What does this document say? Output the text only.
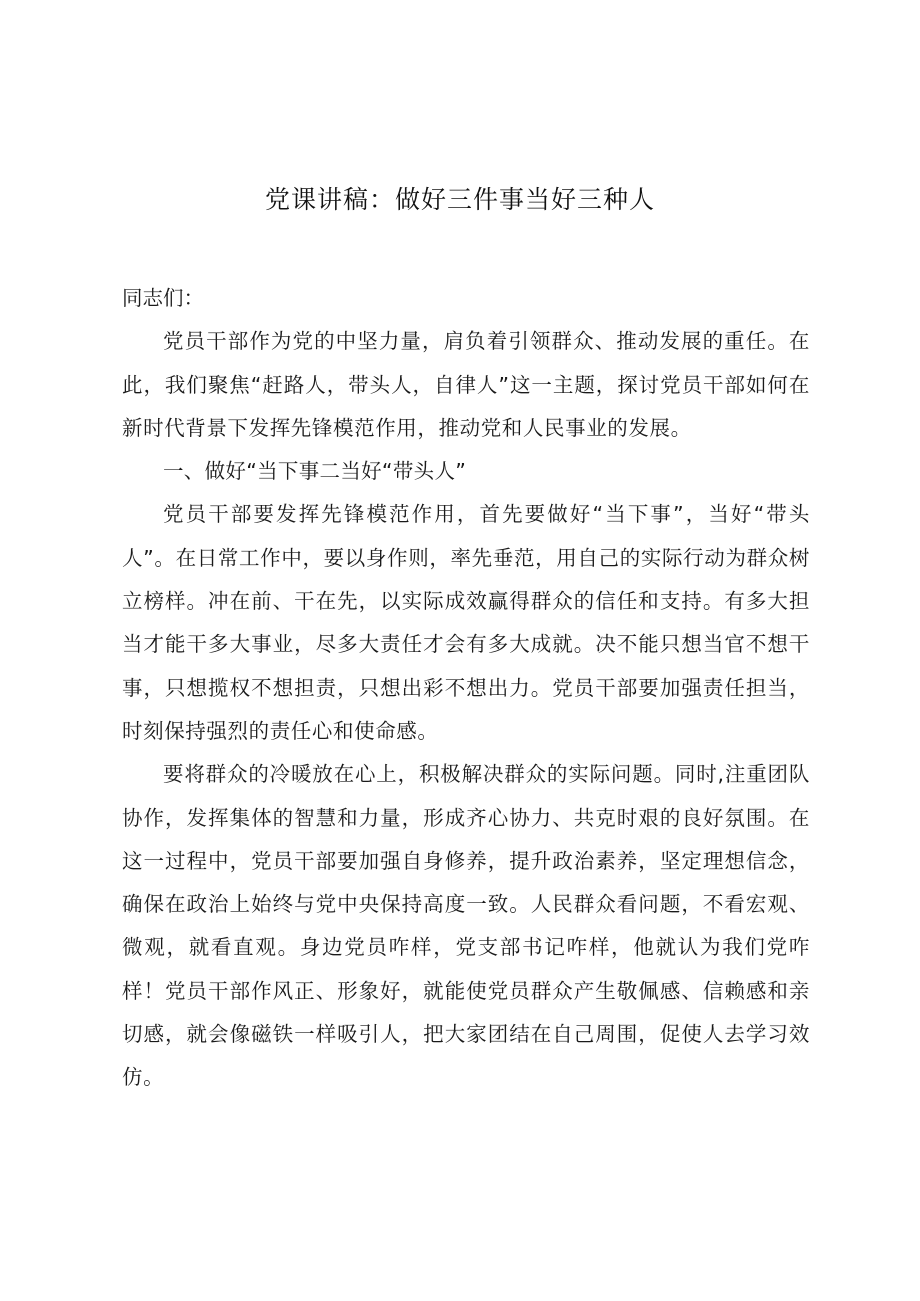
党课讲稿：做好三件事当好三种人

同志们：

党员干部作为党的中坚力量，肩负着引领群众、推动发展的重任。在此，我们聚焦“赶路人，带头人，自律人”这一主题，探讨党员干部如何在新时代背景下发挥先锋模范作用，推动党和人民事业的发展。

一、做好“当下事二当好“带头人”

党员干部要发挥先锋模范作用，首先要做好“当下事”，当好“带头人”。在日常工作中，要以身作则，率先垂范，用自己的实际行动为群众树立榜样。冲在前、干在先，以实际成效赢得群众的信任和支持。有多大担当才能干多大事业，尽多大责任才会有多大成就。决不能只想当官不想干事，只想揽权不想担责，只想出彩不想出力。党员干部要加强责任担当，时刻保持强烈的责任心和使命感。

要将群众的冷暖放在心上，积极解决群众的实际问题。同时,注重团队协作，发挥集体的智慧和力量，形成齐心协力、共克时艰的良好氛围。在这一过程中，党员干部要加强自身修养，提升政治素养，坚定理想信念，确保在政治上始终与党中央保持高度一致。人民群众看问题，不看宏观、微观，就看直观。身边党员咋样，党支部书记咋样，他就认为我们党咋样！党员干部作风正、形象好，就能使党员群众产生敬佩感、信赖感和亲切感，就会像磁铁一样吸引人，把大家团结在自己周围，促使人去学习效仿。
